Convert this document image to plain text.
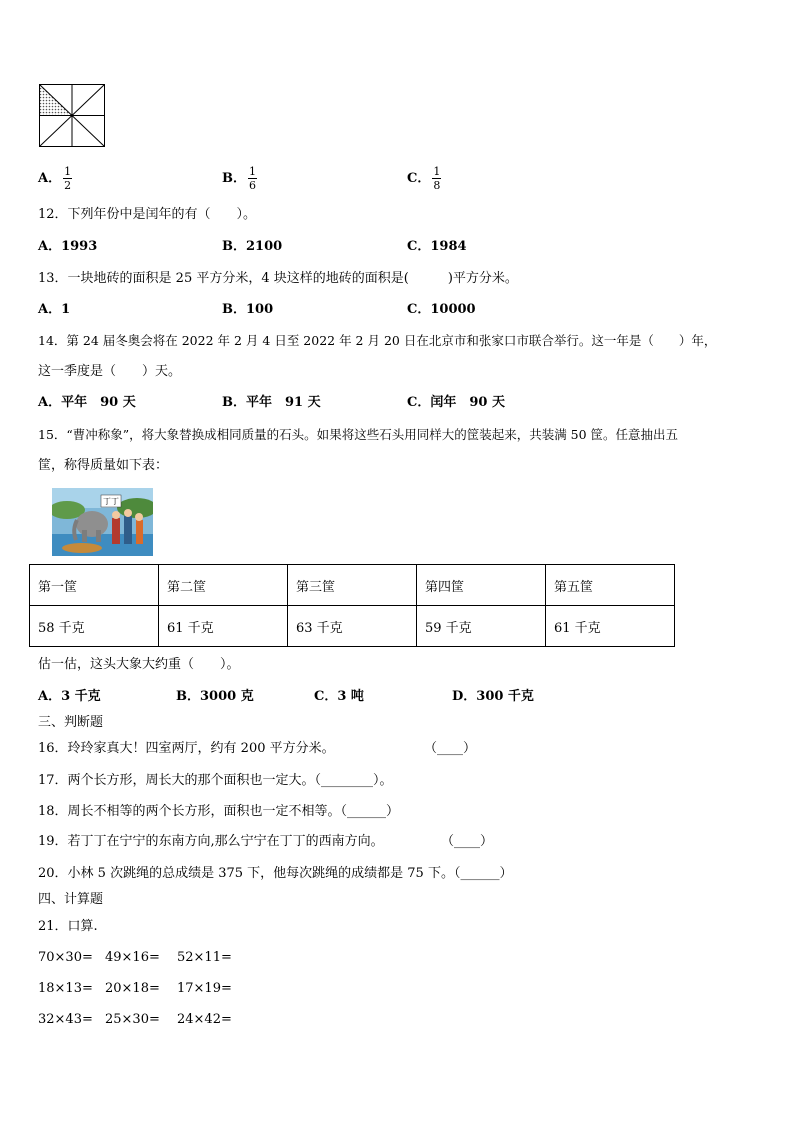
A． $\frac{1}{2}$	B． $\frac{1}{6}$	C． $\frac{1}{8}$
12．下列年份中是闰年的有（　　）。
A．1993	B．2100	C．1984
13．一块地砖的面积是 25 平方分米，4 块这样的地砖的面积是(　　　)平方分米。
A．1	B．100	C．10000
14．第 24 届冬奥会将在 2022 年 2 月 4 日至 2022 年 2 月 20 日在北京市和张家口市联合举行。这一年是（　　）年，
这一季度是（　　）天。
A．平年　90 天	B．平年　91 天	C．闰年　90 天
15．“曹冲称象”，将大象替换成相同质量的石头。如果将这些石头用同样大的筐装起来，共装满 50 筐。任意抽出五
筐，称得质量如下表：
丁丁
第一筐	第二筐	第三筐	第四筐	第五筐
58 千克	61 千克	63 千克	59 千克	61 千克
估一估，这头大象大约重（　　）。
A．3 千克	B．3000 克	C．3 吨	D．300 千克
三、判断题
16．玲玲家真大！四室两厅，约有 200 平方分米。	（____）
17．两个长方形，周长大的那个面积也一定大。（________）。
18．周长不相等的两个长方形，面积也一定不相等。（______）
19．若丁丁在宁宁的东南方向,那么宁宁在丁丁的西南方向。	（____）
20．小林 5 次跳绳的总成绩是 375 下，他每次跳绳的成绩都是 75 下。（______）
四、计算题
21．口算.
70×30= 49×16= 52×11=
18×13= 20×18= 17×19=
32×43= 25×30= 24×42=
